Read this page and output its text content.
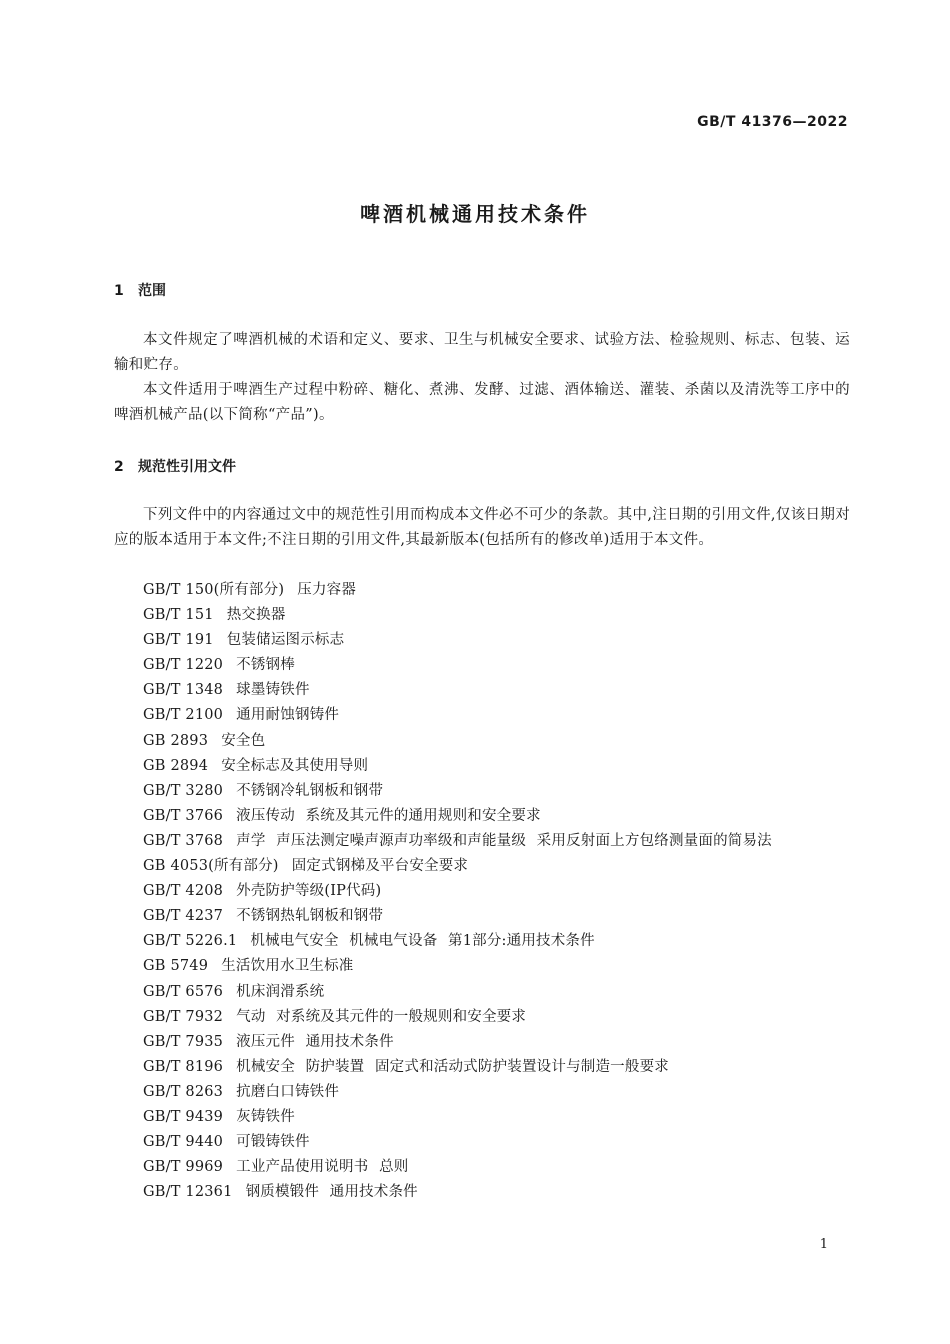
GB/T 41376—2022
啤酒机械通用技术条件
1 范围

本文件规定了啤酒机械的术语和定义、要求、卫生与机械安全要求、试验方法、检验规则、标志、包装、运输和贮存。

本文件适用于啤酒生产过程中粉碎、糖化、煮沸、发酵、过滤、酒体输送、灌装、杀菌以及清洗等工序中的啤酒机械产品(以下简称“产品”)。

2 规范性引用文件

下列文件中的内容通过文中的规范性引用而构成本文件必不可少的条款。其中,注日期的引用文件,仅该日期对应的版本适用于本文件;不注日期的引用文件,其最新版本(包括所有的修改单)适用于本文件。

GB/T 150(所有部分) 压力容器
GB/T 151 热交换器
GB/T 191 包装储运图示标志
GB/T 1220 不锈钢棒
GB/T 1348 球墨铸铁件
GB/T 2100 通用耐蚀钢铸件
GB 2893 安全色
GB 2894 安全标志及其使用导则
GB/T 3280 不锈钢冷轧钢板和钢带
GB/T 3766 液压传动 系统及其元件的通用规则和安全要求
GB/T 3768 声学 声压法测定噪声源声功率级和声能量级 采用反射面上方包络测量面的简易法
GB 4053(所有部分) 固定式钢梯及平台安全要求
GB/T 4208 外壳防护等级(IP代码)
GB/T 4237 不锈钢热轧钢板和钢带
GB/T 5226.1 机械电气安全 机械电气设备 第1部分:通用技术条件
GB 5749 生活饮用水卫生标准
GB/T 6576 机床润滑系统
GB/T 7932 气动 对系统及其元件的一般规则和安全要求
GB/T 7935 液压元件 通用技术条件
GB/T 8196 机械安全 防护装置 固定式和活动式防护装置设计与制造一般要求
GB/T 8263 抗磨白口铸铁件
GB/T 9439 灰铸铁件
GB/T 9440 可锻铸铁件
GB/T 9969 工业产品使用说明书 总则
GB/T 12361 钢质模锻件 通用技术条件
1
